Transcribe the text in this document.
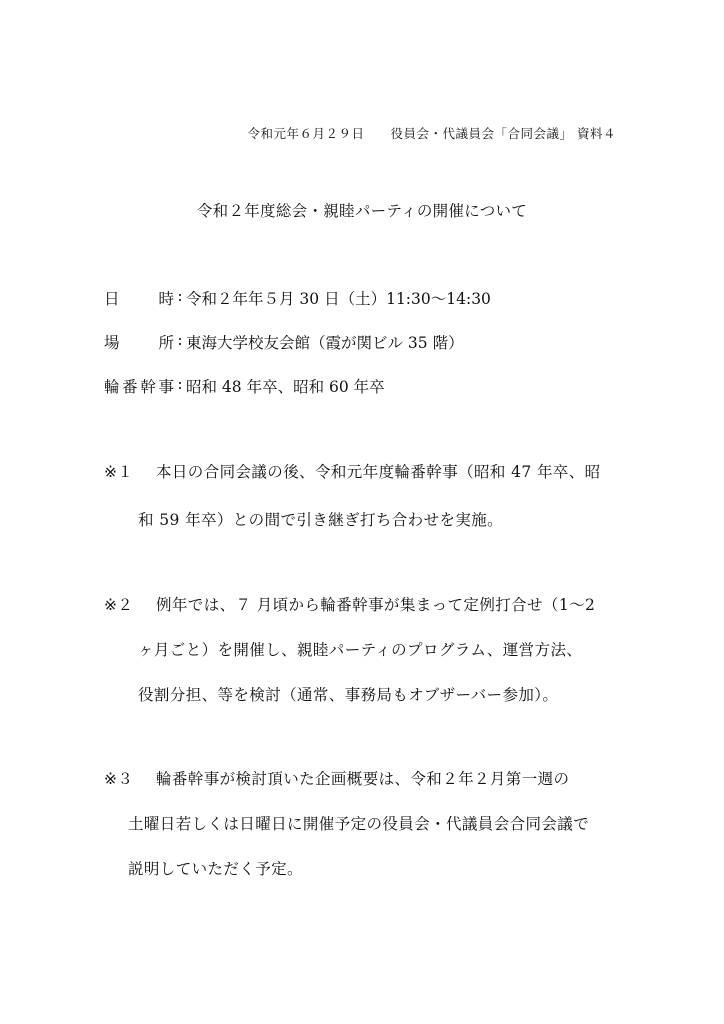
令和元年６月２９日　　役員会・代議員会「合同会議」 資料４
令和２年度総会・親睦パーティの開催について
日	時 : 令和２年年５月 30 日（土）11:30～14:30
場	所 : 東海大学校友会館（霞が関ビル 35 階）
輪 番 幹 事 : 昭和 48 年卒、昭和 60 年卒
※１ 本日の合同会議の後、令和元年度輪番幹事（昭和 47 年卒、昭
和 59 年卒）との間で引き継ぎ打ち合わせを実施。
※２ 例年では、７ 月頃から輪番幹事が集まって定例打合せ（1～2
ヶ月ごと）を開催し、親睦パーティのプログラム、運営方法、
役割分担、等を検討（通常、事務局もオブザーバー参加）。
※３ 輪番幹事が検討頂いた企画概要は、令和２年２月第一週の
土曜日若しくは日曜日に開催予定の役員会・代議員会合同会議で
説明していただく予定。
